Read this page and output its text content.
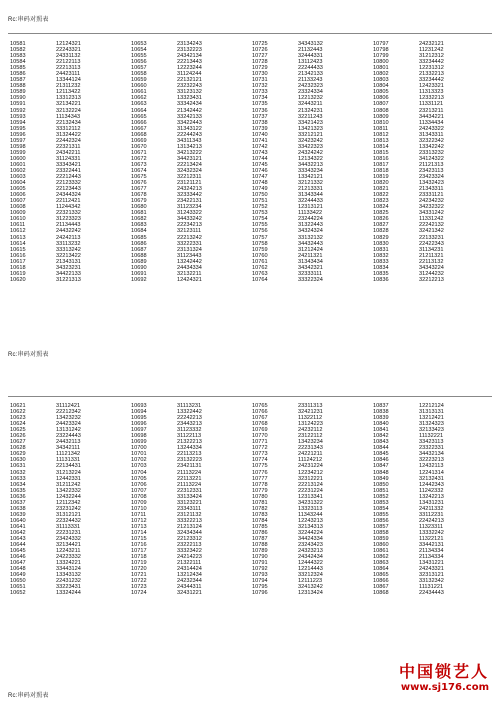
Rc:串码对照表
10581	12124321
10582	22243321
10583	24331132
10584	22122113
10585	22213113
10586	24423111
10587	13344124
10588	21311232
10589	12113422
10590	13312313
10591	32134221
10592	32132224
10593	11134343
10594	22132434
10595	33312112
10596	31324422
10597	22442324
10598	22321311
10599	24342211
10600	31124331
10601	33343421
10602	23322441
10603	22212443
10604	22123332
10605	22123443
10606	24344324
10607	22112421
10608	11244342
10609	22321332
10610	31223323
10611	21134443
10612	24432242
10613	24242113
10614	33113232
10615	33313242
10616	32213422
10617	21343131
10618	34323231
10619	34422133
10620	31221313
10653	23134243
10654	23132223
10655	24342134
10656	22213443
10657	12223244
10658	31124244
10659	22132121
10660	23232243
10661	33123132
10662	13323431
10663	33342434
10664	21342442
10665	33242133
10666	33422443
10667	31343122
10668	22244243
10669	34311343
10670	13134213
10671	34213222
10672	34423121
10673	22213424
10674	32432324
10675	32212311
10676	23121121
10677	24324213
10678	32333442
10679	23422131
10680	31123234
10681	31243322
10682	34433242
10683	22234213
10684	32123111
10685	22213242
10686	33222331
10687	23131324
10688	31123443
10689	13242442
10690	24434334
10691	32132211
10692	12424321
10725	34343132
10726	21132443
10727	32444331
10728	13112423
10729	22244433
10730	21342133
10731	21133243
10732	24232323
10733	23324334
10734	12213232
10735	32443211
10736	21324231
10737	32211243
10738	33421423
10739	13421323
10740	33212121
10741	32423242
10742	33422323
10743	24324242
10744	12134322
10745	34432213
10746	33343234
10747	13342121
10748	32121332
10749	21213331
10750	31343344
10751	32244433
10752	12313121
10753	11133422
10754	23244224
10755	31322443
10756	34324324
10757	33132132
10758	34432443
10759	31212424
10760	24211321
10761	31343434
10762	34342321
10763	32333111
10764	33322324
10797	24232121
10798	11231242
10799	31212312
10800	33234442
10801	12231312
10802	21332213
10803	33234442
10804	12423321
10805	11313323
10806	12332213
10807	11331121
10808	23213211
10809	34434221
10810	11334434
10811	24243322
10812	31343311
10813	32322342
10814	13342242
10815	23313232
10816	34124322
10817	21121313
10818	23423113
10819	23423324
10820	13432423
10821	21343311
10822	23331121
10823	24234232
10824	34232322
10825	34331242
10826	11331242
10827	22242132
10828	32421342
10829	22133231
10830	22422343
10831	31134231
10832	21211321
10833	22113132
10834	34343224
10835	31244232
10836	32212213
Rc:串码对照表
10621	31112421
10622	22212342
10623	13423232
10624	24423324
10625	13131242
10626	23224443
10627	24432113
10628	34342111
10629	11121342
10630	11131331
10631	22134431
10632	31213224
10633	12442331
10634	31211242
10635	13422332
10636	12432244
10637	12112342
10638	23231242
10639	31312121
10640	22324432
10641	31113331
10642	22231231
10643	23424332
10644	32134421
10645	12243211
10646	24223332
10647	13324221
10648	33443124
10649	13343132
10650	22431232
10651	33223431
10652	13324244
10693	31113231
10694	13322442
10695	22242213
10696	23443213
10697	31123332
10698	31122113
10699	21322213
10700	13244334
10701	22113213
10702	23132223
10703	23421131
10704	21113224
10705	22113221
10706	21113224
10707	22312331
10708	33133424
10709	33123221
10710	23343111
10711	23121132
10712	33322213
10713	21213124
10714	32434344
10715	22123312
10716	23222113
10717	33323422
10718	24214223
10719	21322111
10720	24314424
10721	13212434
10722	24232344
10723	24344311
10724	32431221
10765	23311313
10766	32421231
10767	11322112
10768	13124223
10769	24232112
10770	23122112
10771	13423234
10772	22231343
10773	24221211
10774	11124212
10775	24231224
10776	12234212
10777	32312221
10778	22213124
10779	22231224
10780	12313341
10781	34231322
10782	13323113
10783	11343244
10784	12243213
10785	32134313
10786	32244224
10787	34424334
10788	23243423
10789	24323213
10790	24342434
10791	12444322
10792	12214443
10793	33212324
10794	12111223
10795	32413242
10796	12313424
10837	12212124
10838	31313131
10839	13212421
10840	31324323
10841	32133423
10842	11132221
10843	33423113
10844	23322331
10845	34432134
10846	32223213
10847	12432113
10848	12241314
10849	32132431
10850	12442343
10851	11242332
10852	13242213
10853	13431231
10854	24211332
10855	33112231
10856	22424213
10857	11323311
10858	13332242
10859	11322121
10860	33442131
10861	21134334
10862	21134334
10863	13431221
10864	24243321
10865	32313121
10866	33132342
10867	11131221
10868	22434443
Rc:串码对照表
中国锁艺人
www.sj176.com
